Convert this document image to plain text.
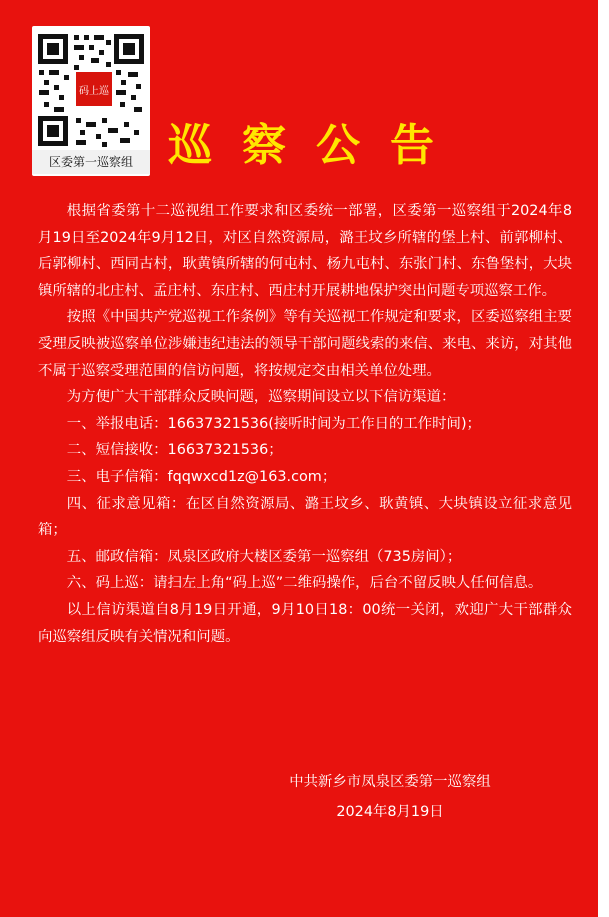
码上巡
区委第一巡察组 巡察公告

根据省委第十二巡视组工作要求和区委统一部署，区委第一巡察组于2024年8月19日至2024年9月12日，对区自然资源局，潞王坟乡所辖的堡上村、前郭柳村、后郭柳村、西同古村，耿黄镇所辖的何屯村、杨九屯村、东张门村、东鲁堡村，大块镇所辖的北庄村、孟庄村、东庄村、西庄村开展耕地保护突出问题专项巡察工作。

按照《中国共产党巡视工作条例》等有关巡视工作规定和要求，区委巡察组主要受理反映被巡察单位涉嫌违纪违法的领导干部问题线索的来信、来电、来访，对其他不属于巡察受理范围的信访问题，将按规定交由相关单位处理。

为方便广大干部群众反映问题，巡察期间设立以下信访渠道：

一、举报电话：16637321536(接听时间为工作日的工作时间)；

二、短信接收：16637321536；

三、电子信箱：fqqwxcd1z@163.com；

四、征求意见箱：在区自然资源局、潞王坟乡、耿黄镇、大块镇设立征求意见箱；

五、邮政信箱：凤泉区政府大楼区委第一巡察组（735房间）；

六、码上巡：请扫左上角“码上巡”二维码操作，后台不留反映人任何信息。

以上信访渠道自8月19日开通，9月10日18：00统一关闭，欢迎广大干部群众向巡察组反映有关情况和问题。

中共新乡市凤泉区委第一巡察组
2024年8月19日
